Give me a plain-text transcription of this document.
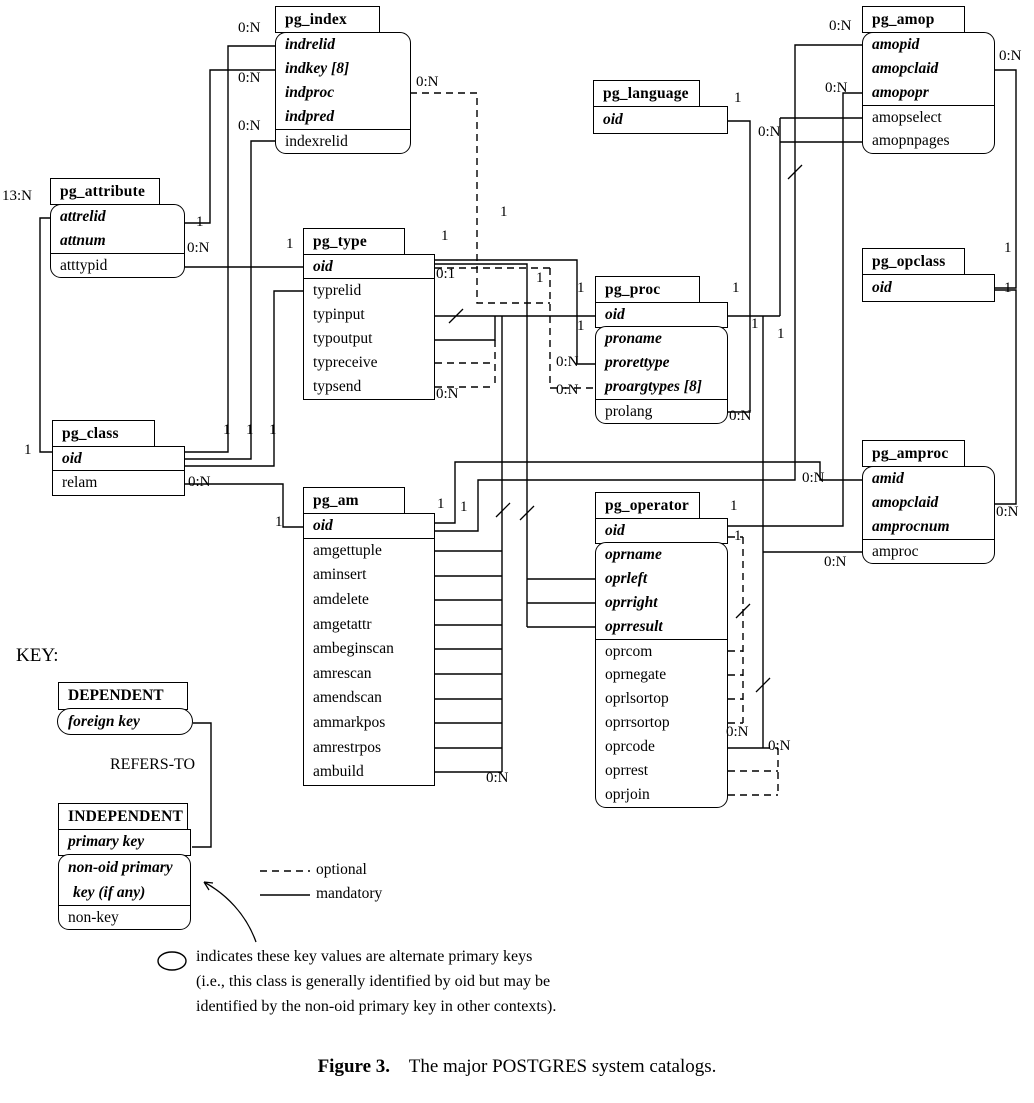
KEY:
DEPENDENT
foreign key
REFERS-TO
INDEPENDENT
primary key
non-oid primary
key (if any)
non-key
optional
mandatory
indicates these key values are alternate primary keys
(i.e., this class is generally identified by oid but may be
identified by the non-oid primary key in other contexts).
Figure 3. The major POSTGRES system catalogs.
pg_index
indrelid
indkey [8]
indproc
indpred
indexrelid
pg_attribute
attrelid
attnum
atttypid
pg_type
oid
typrelid
typinput
typoutput
typreceive
typsend
pg_class
oid
relam
pg_am
oid
amgettuple
aminsert
amdelete
amgetattr
ambeginscan
amrescan
amendscan
ammarkpos
amrestrpos
ambuild
pg_language
oid
pg_proc
oid
proname
prorettype
proargtypes [8]
prolang
pg_operator
oid
oprname
oprleft
oprright
oprresult
oprcom
oprnegate
oprlsortop
oprrsortop
oprcode
oprrest
oprjoin
pg_amop
amopid
amopclaid
amopopr
amopselect
amopnpages
pg_opclass
oid
pg_amproc
amid
amopclaid
amprocnum
amproc
0:N
0:N
0:N
0:N
13:N
1
0:N	1	1
0:1
0:N
1
1
1
1
0:N
0:N
1
1
1
0:N
1
0:N
0:N
0:N
0:N
1
1
1
1 1 1
0:N
1
1 1
0:N
1
1
0:N
0:N
0:N
0:N
0:N
